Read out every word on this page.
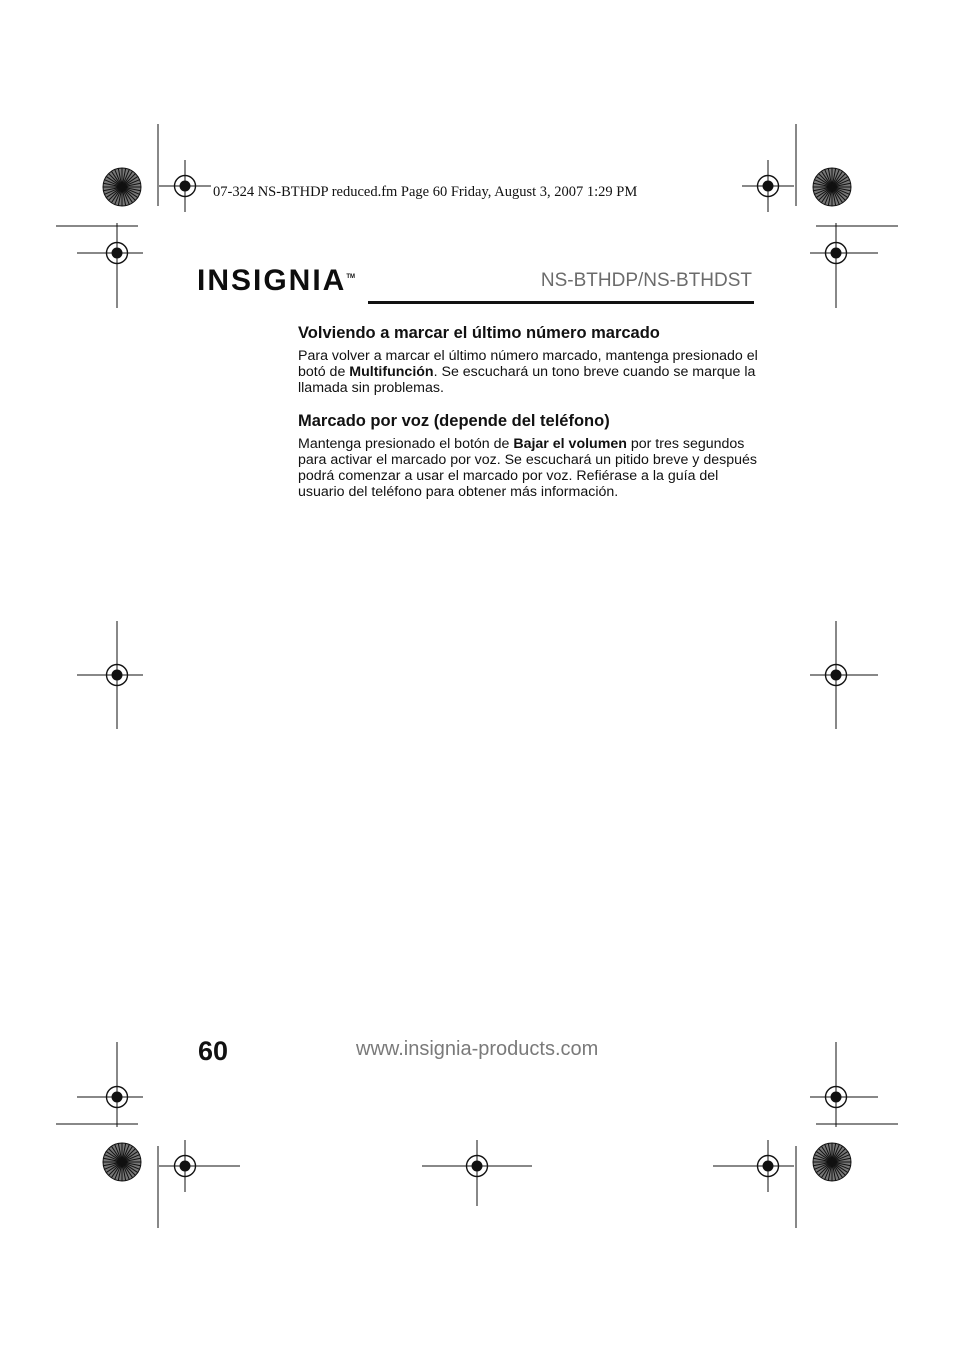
07-324 NS-BTHDP reduced.fm Page 60 Friday, August 3, 2007 1:29 PM
INSIGNIA™	NS-BTHDP/NS-BTHDST
Volviendo a marcar el último número marcado

Para volver a marcar el último número marcado, mantenga presionado el botó de Multifunción. Se escuchará un tono breve cuando se marque la llamada sin problemas.

Marcado por voz (depende del teléfono)

Mantenga presionado el botón de Bajar el volumen por tres segundos para activar el marcado por voz. Se escuchará un pitido breve y después podrá comenzar a usar el marcado por voz. Refiérase a la guía del usuario del teléfono para obtener más información.

60	www.insignia-products.com
